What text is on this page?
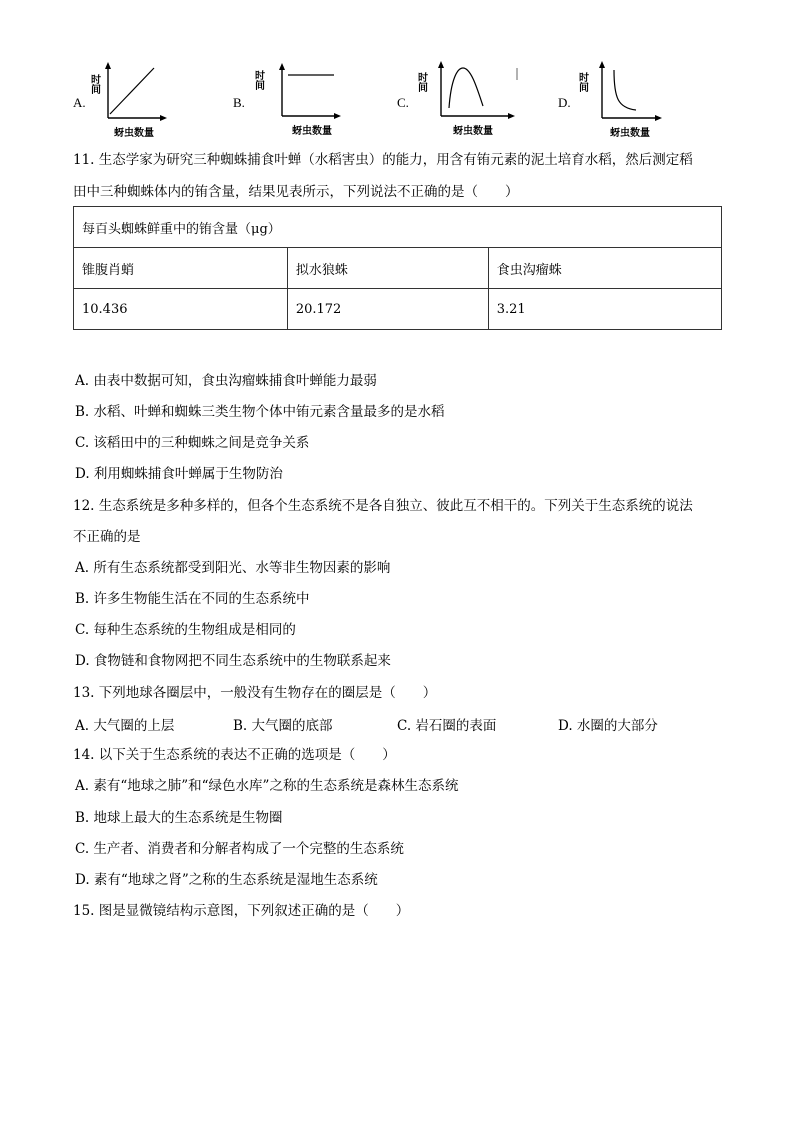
A.	B.	C.	D.
时间
蚜虫数量
时间
蚜虫数量
时间
蚜虫数量
时间
蚜虫数量
11. 生态学家为研究三种蜘蛛捕食叶蝉（水稻害虫）的能力，用含有铕元素的泥土培育水稻，然后测定稻
田中三种蜘蛛体内的铕含量，结果见表所示，下列说法不正确的是（　　）
每百头蜘蛛鲜重中的铕含量（μg）		
锥腹肖蛸	拟水狼蛛	食虫沟瘤蛛
10.436	20.172	3.21
A. 由表中数据可知，食虫沟瘤蛛捕食叶蝉能力最弱
B. 水稻、叶蝉和蜘蛛三类生物个体中铕元素含量最多的是水稻
C. 该稻田中的三种蜘蛛之间是竞争关系
D. 利用蜘蛛捕食叶蝉属于生物防治
12. 生态系统是多种多样的，但各个生态系统不是各自独立、彼此互不相干的。下列关于生态系统的说法
不正确的是
A. 所有生态系统都受到阳光、水等非生物因素的影响
B. 许多生物能生活在不同的生态系统中
C. 每种生态系统的生物组成是相同的
D. 食物链和食物网把不同生态系统中的生物联系起来
13. 下列地球各圈层中，一般没有生物存在的圈层是（　　）
A. 大气圈的上层	B. 大气圈的底部	C. 岩石圈的表面	D. 水圈的大部分
14. 以下关于生态系统的表达不正确的选项是（　　）
A. 素有“地球之肺”和“绿色水库”之称的生态系统是森林生态系统
B. 地球上最大的生态系统是生物圈
C. 生产者、消费者和分解者构成了一个完整的生态系统
D. 素有“地球之肾”之称的生态系统是湿地生态系统
15. 图是显微镜结构示意图，下列叙述正确的是（　　）
